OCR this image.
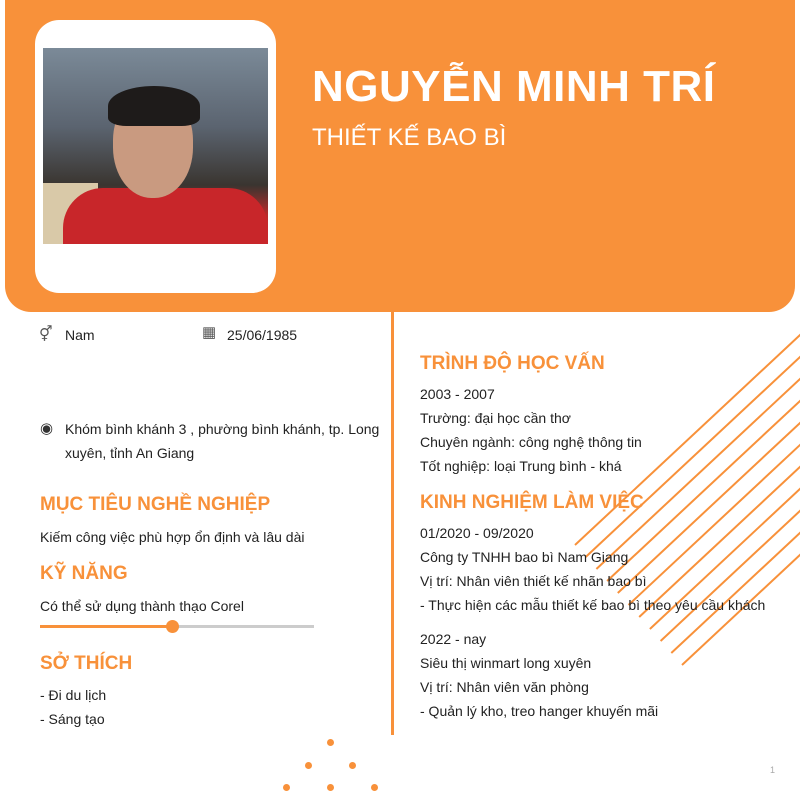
NGUYỄN MINH TRÍ
THIẾT KẾ BAO BÌ
⚥ Nam	▦ 25/06/1985
◉ Khóm bình khánh 3 , phường bình khánh, tp. Long
xuyên, tỉnh An Giang
MỤC TIÊU NGHỀ NGHIỆP
Kiếm công việc phù hợp ổn định và lâu dài
KỸ NĂNG
Có thể sử dụng thành thạo Corel
SỞ THÍCH
- Đi du lịch
- Sáng tạo
TRÌNH ĐỘ HỌC VẤN
2003 - 2007
Trường: đại học cần thơ
Chuyên ngành: công nghệ thông tin
Tốt nghiệp: loại Trung bình - khá
KINH NGHIỆM LÀM VIỆC
01/2020 - 09/2020
Công ty TNHH bao bì Nam Giang
Vị trí: Nhân viên thiết kế nhãn bao bì
- Thực hiện các mẫu thiết kế bao bì theo yêu cầu khách
2022 - nay
Siêu thị winmart long xuyên
Vị trí: Nhân viên văn phòng
- Quản lý kho, treo hanger khuyến mãi
1
